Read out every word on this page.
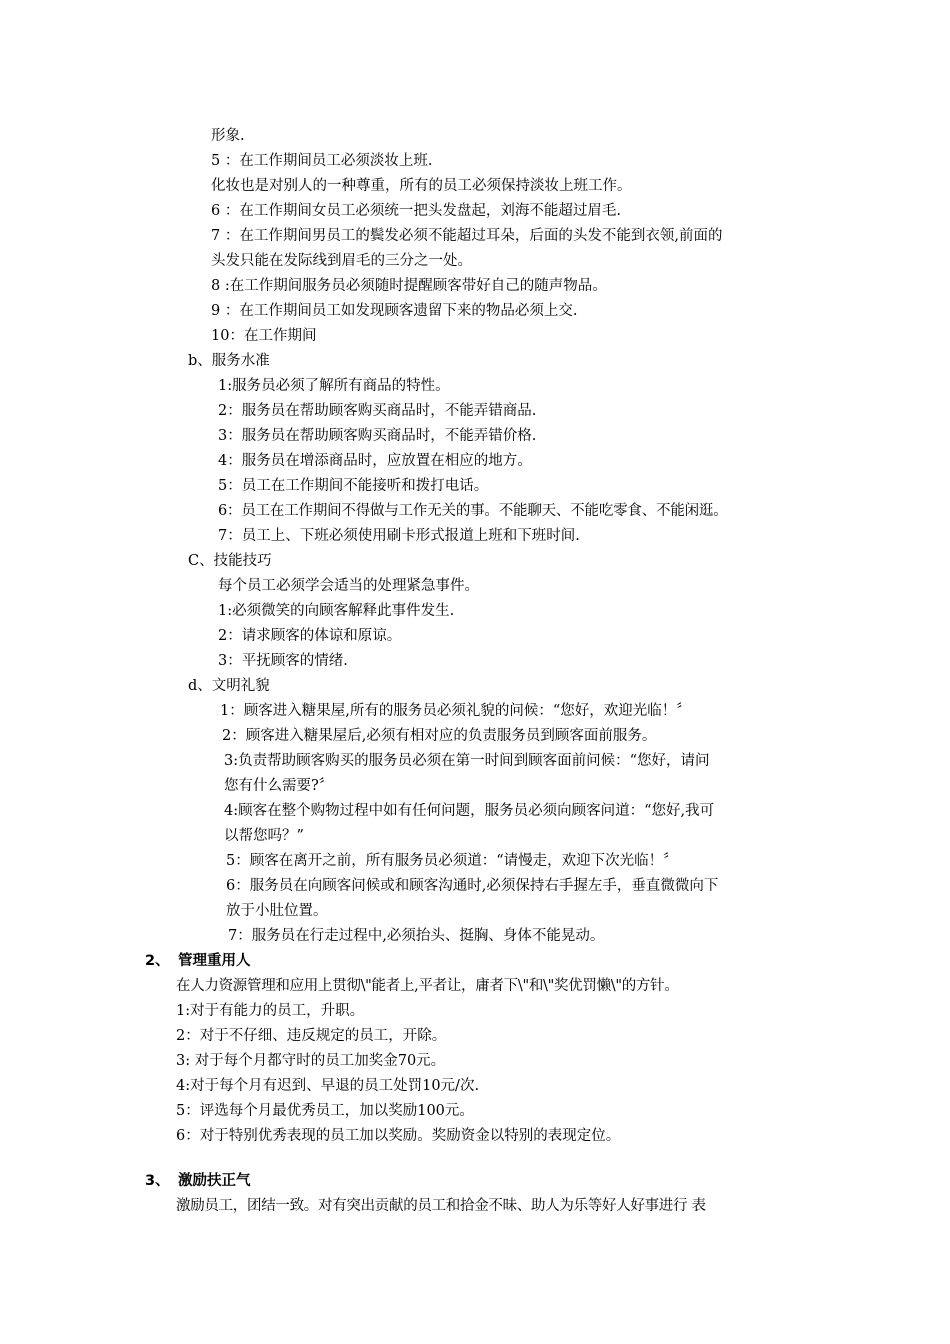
形象.
5 ：在工作期间员工必须淡妆上班.
化妆也是对别人的一种尊重，所有的员工必须保持淡妆上班工作。
6 ：在工作期间女员工必须统一把头发盘起，刘海不能超过眉毛.
7 ：在工作期间男员工的鬓发必须不能超过耳朵，后面的头发不能到衣领,前面的
头发只能在发际线到眉毛的三分之一处。
8 :在工作期间服务员必须随时提醒顾客带好自己的随声物品。
9 ：在工作期间员工如发现顾客遗留下来的物品必须上交.
10：在工作期间
b、服务水准
1:服务员必须了解所有商品的特性。
2：服务员在帮助顾客购买商品时，不能弄错商品.
3：服务员在帮助顾客购买商品时，不能弄错价格.
4：服务员在增添商品时，应放置在相应的地方。
5：员工在工作期间不能接听和拨打电话。
6：员工在工作期间不得做与工作无关的事。不能聊天、不能吃零食、不能闲逛。
7：员工上、下班必须使用刷卡形式报道上班和下班时间.
C、技能技巧
每个员工必须学会适当的处理紧急事件。
1:必须微笑的向顾客解释此事件发生.
2：请求顾客的体谅和原谅。
3：平抚顾客的情绪.
d、文明礼貌
1：顾客进入糖果屋,所有的服务员必须礼貌的问候：“您好，欢迎光临！〞
2：顾客进入糖果屋后,必须有相对应的负责服务员到顾客面前服务。
3:负责帮助顾客购买的服务员必须在第一时间到顾客面前问候：“您好，请问
您有什么需要?〞
4:顾客在整个购物过程中如有任何问题，服务员必须向顾客问道：“您好,我可
以帮您吗？”
5：顾客在离开之前，所有服务员必须道：“请慢走，欢迎下次光临！〞
6：服务员在向顾客问候或和顾客沟通时,必须保持右手握左手，垂直微微向下
放于小肚位置。
7：服务员在行走过程中,必须抬头、挺胸、身体不能晃动。
2、 管理重用人
在人力资源管理和应用上贯彻\"能者上,平者让，庸者下\"和\"奖优罚懒\"的方针。
1:对于有能力的员工，升职。
2：对于不仔细、违反规定的员工，开除。
3: 对于每个月都守时的员工加奖金70元。
4:对于每个月有迟到、早退的员工处罚10元/次.
5：评选每个月最优秀员工，加以奖励100元。
6：对于特别优秀表现的员工加以奖励。奖励资金以特别的表现定位。
3、 激励扶正气
激励员工，团结一致。对有突出贡献的员工和拾金不昧、助人为乐等好人好事进行 表
